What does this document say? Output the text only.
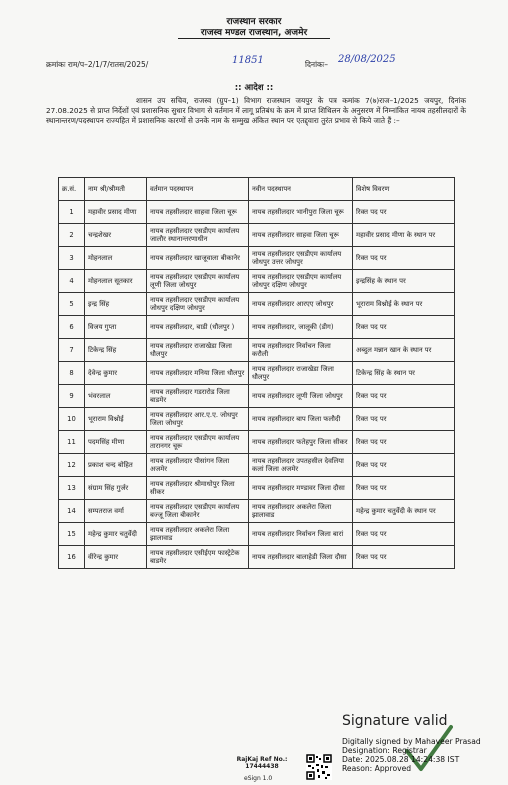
राजस्थान सरकार
राजस्व मण्डल राजस्थान, अजमेर
क्रमांकः राम/प–2/1/7/रातस/2025/	11851	दिनांकः– 28/08/2025
:: आदेश ::
शासन उप सचिव, राजस्व (ग्रुप–1) विभाग राजस्थान जयपुर के पत्र कमांक 7(७)राज–1/2025 जयपुर, दिनांक 27.08.2025 से प्राप्त निर्देशों एवं प्रशासनिक सुधार विभाग से वर्तमान में लागू प्रतिबंध के क्रम में प्राप्त शिथिलन के अनुसरण में निम्नांकित नायब तहसीलदारों के स्थानान्तरण/पदस्थापन राज्यहित में प्रशासनिक कारणों से उनके नाम के सम्मुख अंकित स्थान पर एतद्द्वारा तुरंत प्रभाव से किये जाते हैं :–
क्र.सं.	नाम श्री/श्रीमती	वर्तमान पदस्थापन	नवीन पदस्थापन	विशेष विवरण
1	महावीर प्रसाद मीणा	नायब तहसीलदार साहवा जिला चूरू	नायब तहसीलदार भानीपुरा जिला चूरू	रिक्त पद पर
2	चन्द्रशेखर	नायब तहसीलदार एसडीएम कार्यालय जालौर स्थानान्तरणाधीन	नायब तहसीलदार साहवा जिला चूरू	महावीर प्रसाद मीणा के स्थान पर
3	मोहनलाल	नायब तहसीलदार खाजूवाला बीकानेर	नायब तहसीलदार एसडीएम कार्यालय जोधपुर उत्तर जोधपुर	रिक्त पद पर
4	मोहनलाल सूतकार	नायब तहसीलदार एसडीएम कार्यालय लूणी जिला जोधपुर	नायब तहसीलदार एसडीएम कार्यालय जोधपुर दक्षिण जोधपुर	इन्द्रसिंह के स्थान पर
5	इन्द्र सिंह	नायब तहसीलदार एसडीएम कार्यालय जोधपुर दक्षिण जोधपुर	नायब तहसीलदार आरएए जोधपुर	भूराराम विश्नोई के स्थान पर
6	विजय गुप्ता	नायब तहसीलदार, बाडी (धौलपुर )	नायब तहसीलदार, जालूकी (डीग)	रिक्त पद पर
7	टिकेन्द्र सिंह	नायब तहसीलदार राजाखेडा जिला धौलपुर	नायब तहसीलदार निर्वाचन जिला करौली	अब्दुल मन्नान खान के स्थान पर
8	देवेन्द्र कुमार	नायब तहसीलदार मनिया जिला धौलपुर	नायब तहसीलदार राजाखेडा जिला धौलपुर	टिकेन्द्र सिंह के स्थान पर
9	भंवरलाल	नायब तहसीलदार गडरारोड जिला बाडमेर	नायब तहसीलदार लूणी जिला जोधपुर	रिक्त पद पर
10	भूराराम विश्नोई	नायब तहसीलदार आर.ए.ए. जोधपुर जिला जोधपुर	नायब तहसीलदार बाप जिला फलौदी	रिक्त पद पर
11	पदमसिंह मीणा	नायब तहसीलदार एसडीएम कार्यालय तारानगर चूरू	नायब तहसीलदार फतेहपुर जिला सीकर	रिक्त पद पर
12	प्रकाश चन्द बोहित	नायब तहसीलदार पीसांगन जिला अजमेर	नायब तहसीलदार उपतहसील देवलिया कलां जिला अजमेर	रिक्त पद पर
13	संग्राम सिंह गुर्जर	नायब तहसीलदार श्रीमाधोपुर जिला सीकर	नायब तहसीलदार मण्डावर जिला दौसा	रिक्त पद पर
14	सम्पतराज वर्मा	नायब तहसीलदार एसडीएम कार्यालय बज्जू जिला बीकानेर	नायब तहसीलदार अकलेरा जिला झालावाड	महेन्द्र कुमार चतुर्वेदी के स्थान पर
15	महेन्द्र कुमार चतुर्वेदी	नायब तहसीलदार अकलेरा जिला झालावाड	नायब तहसीलदार निर्वाचन जिला बारां	रिक्त पद पर
16	वीरेन्द्र कुमार	नायब तहसीलदार एसीईएम फास्ट्रेटेक बाडमेर	नायब तहसीलदार बालाहेडी जिला दौसा	रिक्त पद पर
Signature valid
Digitally signed by Mahaveer Prasad
Designation: Registrar
Date: 2025.08.28 14:24:38 IST
Reason: Approved
RajKaj Ref No.:
17444438
eSign 1.0
